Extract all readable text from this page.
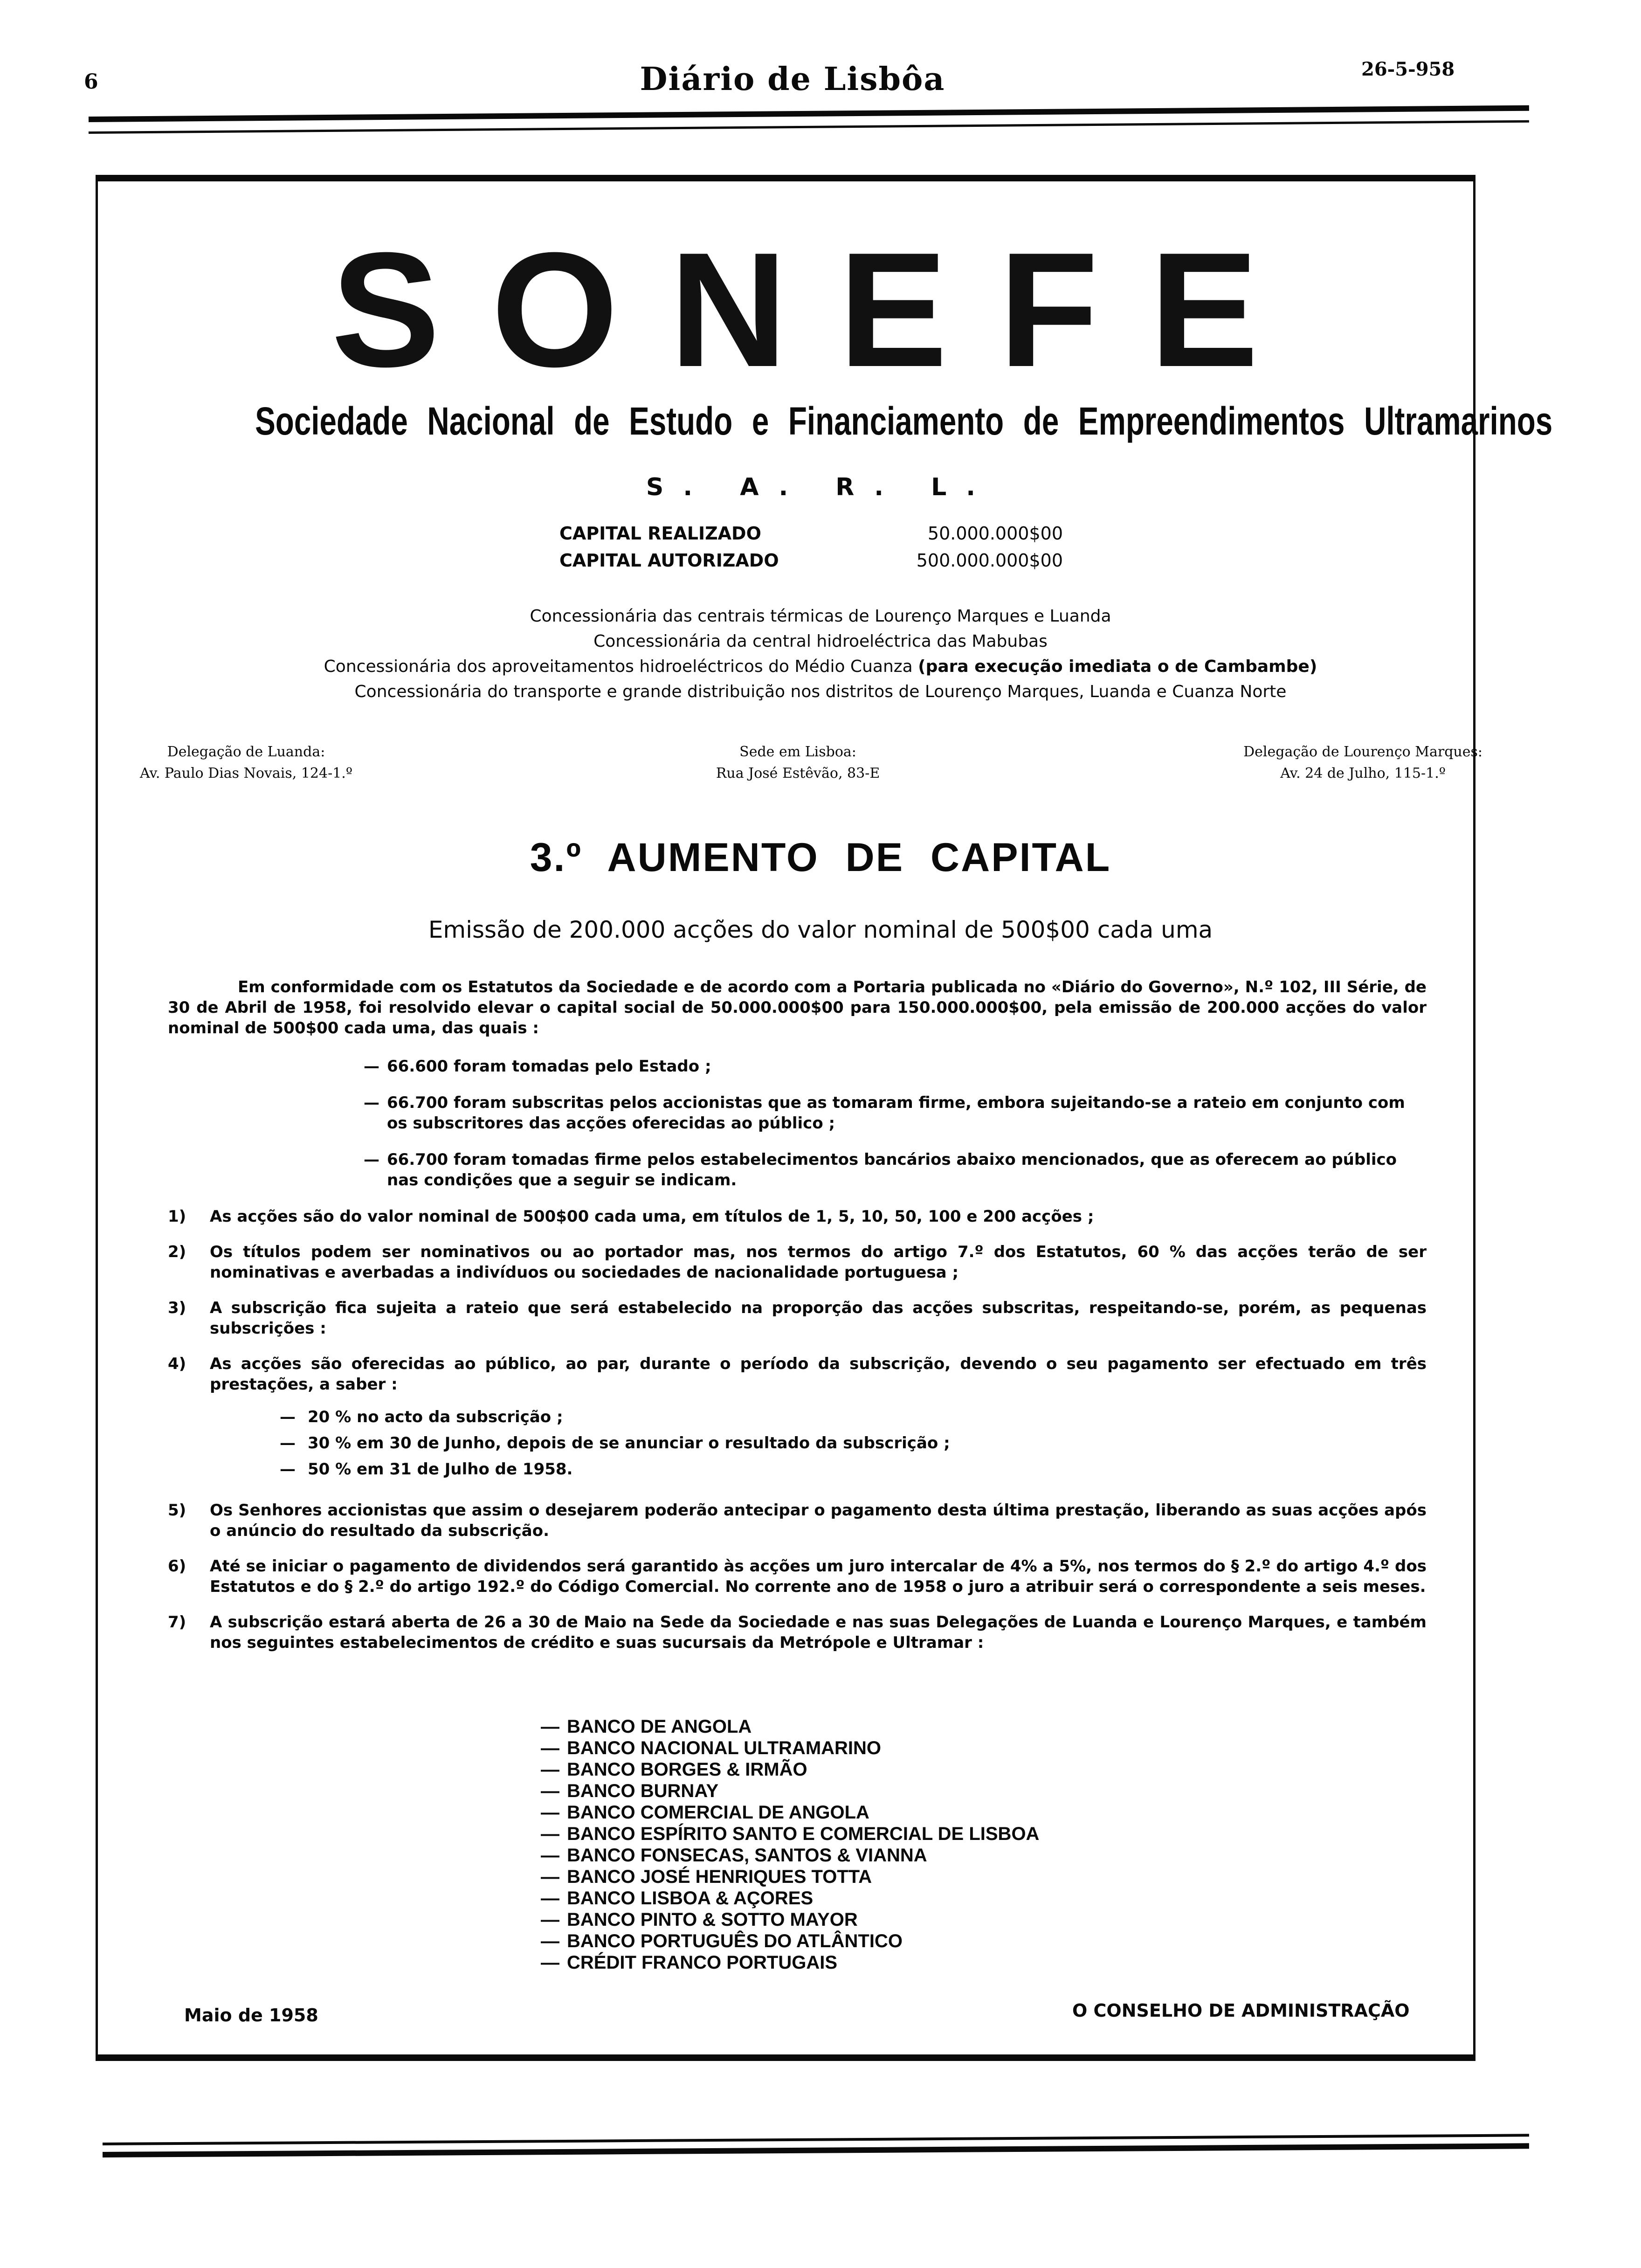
6	Diário de Lisbôa	26-5-958
SONEFE
Sociedade Nacional de Estudo e Financiamento de Empreendimentos Ultramarinos
S. A. R. L.
CAPITAL REALIZADO	50.000.000$00
CAPITAL AUTORIZADO	500.000.000$00
Concessionária das centrais térmicas de Lourenço Marques e Luanda
Concessionária da central hidroeléctrica das Mabubas
Concessionária dos aproveitamentos hidroeléctricos do Médio Cuanza (para execução imediata o de Cambambe)
Concessionária do transporte e grande distribuição nos distritos de Lourenço Marques, Luanda e Cuanza Norte
Delegação de Luanda:
Av. Paulo Dias Novais, 124-1.º
Sede em Lisboa:
Rua José Estêvão, 83-E
Delegação de Lourenço Marques:
Av. 24 de Julho, 115-1.º
3.º AUMENTO DE CAPITAL
Emissão de 200.000 acções do valor nominal de 500$00 cada uma

Em conformidade com os Estatutos da Sociedade e de acordo com a Portaria publicada no «Diário do Governo», N.º 102, III Série, de 30 de Abril de 1958, foi resolvido elevar o capital social de 50.000.000$00 para 150.000.000$00, pela emissão de 200.000 acções do valor nominal de 500$00 cada uma, das quais :

— 66.600 foram tomadas pelo Estado ;
— 66.700 foram subscritas pelos accionistas que as tomaram firme, embora sujeitando-se a rateio em conjunto com os subscritores das acções oferecidas ao público ;
— 66.700 foram tomadas firme pelos estabelecimentos bancários abaixo mencionados, que as oferecem ao público nas condições que a seguir se indicam.
1)	As acções são do valor nominal de 500$00 cada uma, em títulos de 1, 5, 10, 50, 100 e 200 acções ;
2)	Os títulos podem ser nominativos ou ao portador mas, nos termos do artigo 7.º dos Estatutos, 60 % das acções terão de ser nominativas e averbadas a indivíduos ou sociedades de nacionalidade portuguesa ;
3)	A subscrição fica sujeita a rateio que será estabelecido na proporção das acções subscritas, respeitando-se, porém, as pequenas subscrições :
4)	As acções são oferecidas ao público, ao par, durante o período da subscrição, devendo o seu pagamento ser efectuado em três prestações, a saber :
— 20 % no acto da subscrição ;
— 30 % em 30 de Junho, depois de se anunciar o resultado da subscrição ;
— 50 % em 31 de Julho de 1958.
5)	Os Senhores accionistas que assim o desejarem poderão antecipar o pagamento desta última prestação, liberando as suas acções após o anúncio do resultado da subscrição.
6)	Até se iniciar o pagamento de dividendos será garantido às acções um juro intercalar de 4% a 5%, nos termos do § 2.º do artigo 4.º dos Estatutos e do § 2.º do artigo 192.º do Código Comercial. No corrente ano de 1958 o juro a atribuir será o correspondente a seis meses.
7)	A subscrição estará aberta de 26 a 30 de Maio na Sede da Sociedade e nas suas Delegações de Luanda e Lourenço Marques, e também nos seguintes estabelecimentos de crédito e suas sucursais da Metrópole e Ultramar :
— BANCO DE ANGOLA
— BANCO NACIONAL ULTRAMARINO
— BANCO BORGES & IRMÃO
— BANCO BURNAY
— BANCO COMERCIAL DE ANGOLA
— BANCO ESPÍRITO SANTO E COMERCIAL DE LISBOA
— BANCO FONSECAS, SANTOS & VIANNA
— BANCO JOSÉ HENRIQUES TOTTA
— BANCO LISBOA & AÇORES
— BANCO PINTO & SOTTO MAYOR
— BANCO PORTUGUÊS DO ATLÂNTICO
— CRÉDIT FRANCO PORTUGAIS
Maio de 1958	O CONSELHO DE ADMINISTRAÇÃO
